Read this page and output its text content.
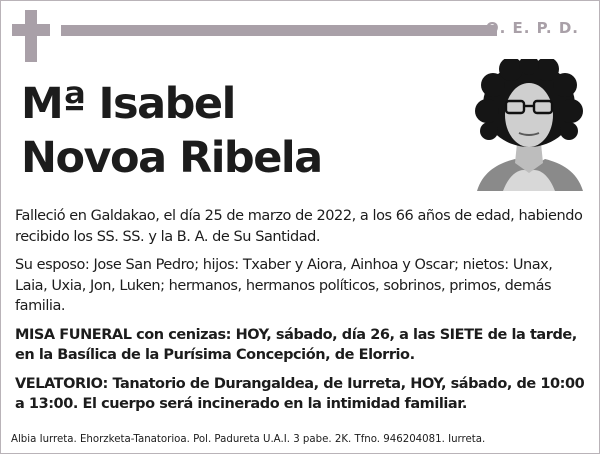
Q. E. P. D.
Mª Isabel
Novoa Ribela

Falleció en Galdakao, el día 25 de marzo de 2022, a los 66 años de edad, habiendo recibido los SS. SS. y la B. A. de Su Santidad.

Su esposo: Jose San Pedro; hijos: Txaber y Aiora, Ainhoa y Oscar; nietos: Unax, Laia, Uxia, Jon, Luken; hermanos, hermanos políticos, sobrinos, primos, demás familia.

MISA FUNERAL con cenizas: HOY, sábado, día 26, a las SIETE de la tarde, en la Basílica de la Purísima Concepción, de Elorrio.

VELATORIO: Tanatorio de Durangaldea, de Iurreta, HOY, sábado, de 10:00 a 13:00. El cuerpo será incinerado en la intimidad familiar.

Albia Iurreta. Ehorzketa-Tanatorioa. Pol. Padureta U.A.I. 3 pabe. 2K. Tfno. 946204081. Iurreta.
